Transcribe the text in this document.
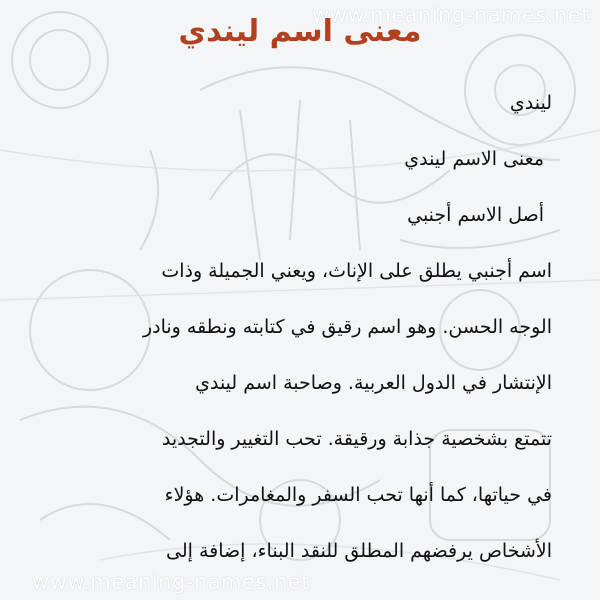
www.meaning-names.net
معنى اسم ليندي
ليندي
معنى الاسم ليندي
أصل الاسم أجنبي
اسم أجنبي يطلق على الإناث، ويعني الجميلة وذات
الوجه الحسن. وهو اسم رقيق في كتابته ونطقه ونادر
الإنتشار في الدول العربية. وصاحبة اسم ليندي
تتمتع بشخصية جذابة ورقيقة. تحب التغيير والتجديد
في حياتها، كما أنها تحب السفر والمغامرات. هؤلاء
الأشخاص يرفضهم المطلق للنقد البناء، إضافة إلى
www.meaning-names.net
